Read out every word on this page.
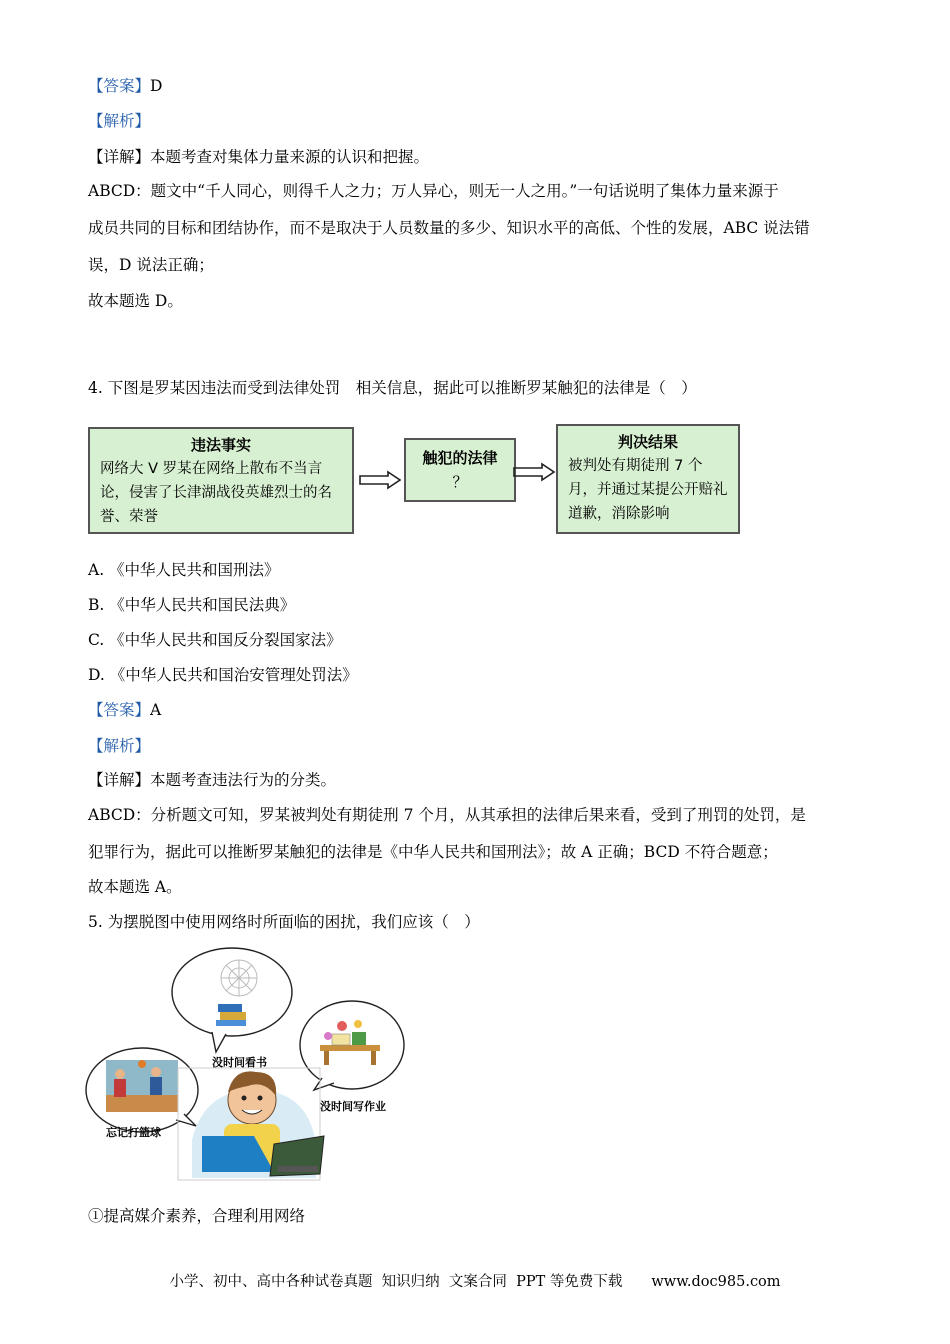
【答案】D
【解析】
【详解】本题考查对集体力量来源的认识和把握。
ABCD：题文中“千人同心，则得千人之力；万人异心，则无一人之用。”一句话说明了集体力量来源于
成员共同的目标和团结协作，而不是取决于人员数量的多少、知识水平的高低、个性的发展，ABC 说法错
误，D 说法正确；
故本题选 D。
4. 下图是罗某因违法而受到法律处罚　相关信息，据此可以推断罗某触犯的法律是（　）
违法事实
网络大 V 罗某在网络上散布不当言论，侵害了长津湖战役英雄烈士的名誉、荣誉
触犯的法律
？
判决结果
被判处有期徒刑 7 个月，并通过某提公开赔礼道歉，消除影响
A. 《中华人民共和国刑法》
B. 《中华人民共和国民法典》
C. 《中华人民共和国反分裂国家法》
D. 《中华人民共和国治安管理处罚法》
【答案】A
【解析】
【详解】本题考查违法行为的分类。
ABCD：分析题文可知，罗某被判处有期徒刑 7 个月，从其承担的法律后果来看，受到了刑罚的处罚，是
犯罪行为，据此可以推断罗某触犯的法律是《中华人民共和国刑法》；故 A 正确；BCD 不符合题意；
故本题选 A。
5. 为摆脱图中使用网络时所面临的困扰，我们应该（　）
没时间看书
没时间写作业
忘记打篮球
①提高媒介素养，合理利用网络
小学、初中、高中各种试卷真题  知识归纳  文案合同  PPT 等免费下载　　www.doc985.com
